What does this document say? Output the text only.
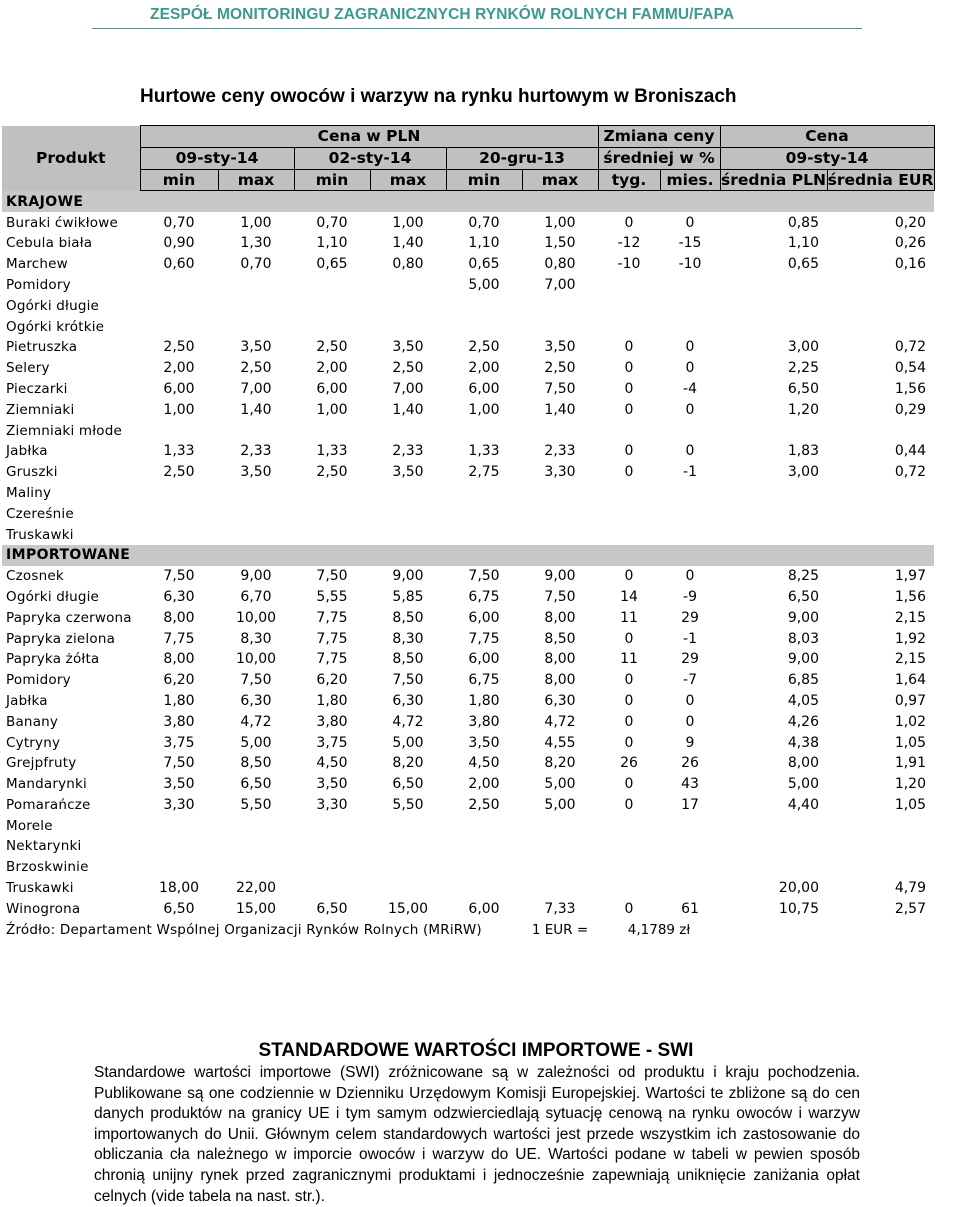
ZESPÓŁ MONITORINGU ZAGRANICZNYCH RYNKÓW ROLNYCH FAMMU/FAPA
Hurtowe ceny owoców i warzyw na rynku hurtowym w Broniszach
	Cena w PLN						Zmiana ceny		Cena	
Produkt	09-sty-14		02-sty-14		20-gru-13		średniej w %		09-sty-14	
	min	max	min	max	min	max	tyg.	mies.	średnia PLN	średnia EUR
KRAJOWE										
Buraki ćwikłowe	0,70	1,00	0,70	1,00	0,70	1,00	0	0	0,85	0,20
Cebula biała	0,90	1,30	1,10	1,40	1,10	1,50	-12	-15	1,10	0,26
Marchew	0,60	0,70	0,65	0,80	0,65	0,80	-10	-10	0,65	0,16
Pomidory					5,00	7,00				
Ogórki długie										
Ogórki krótkie										
Pietruszka	2,50	3,50	2,50	3,50	2,50	3,50	0	0	3,00	0,72
Selery	2,00	2,50	2,00	2,50	2,00	2,50	0	0	2,25	0,54
Pieczarki	6,00	7,00	6,00	7,00	6,00	7,50	0	-4	6,50	1,56
Ziemniaki	1,00	1,40	1,00	1,40	1,00	1,40	0	0	1,20	0,29
Ziemniaki młode										
Jabłka	1,33	2,33	1,33	2,33	1,33	2,33	0	0	1,83	0,44
Gruszki	2,50	3,50	2,50	3,50	2,75	3,30	0	-1	3,00	0,72
Maliny										
Czereśnie										
Truskawki										
IMPORTOWANE										
Czosnek	7,50	9,00	7,50	9,00	7,50	9,00	0	0	8,25	1,97
Ogórki długie	6,30	6,70	5,55	5,85	6,75	7,50	14	-9	6,50	1,56
Papryka czerwona	8,00	10,00	7,75	8,50	6,00	8,00	11	29	9,00	2,15
Papryka zielona	7,75	8,30	7,75	8,30	7,75	8,50	0	-1	8,03	1,92
Papryka żółta	8,00	10,00	7,75	8,50	6,00	8,00	11	29	9,00	2,15
Pomidory	6,20	7,50	6,20	7,50	6,75	8,00	0	-7	6,85	1,64
Jabłka	1,80	6,30	1,80	6,30	1,80	6,30	0	0	4,05	0,97
Banany	3,80	4,72	3,80	4,72	3,80	4,72	0	0	4,26	1,02
Cytryny	3,75	5,00	3,75	5,00	3,50	4,55	0	9	4,38	1,05
Grejpfruty	7,50	8,50	4,50	8,20	4,50	8,20	26	26	8,00	1,91
Mandarynki	3,50	6,50	3,50	6,50	2,00	5,00	0	43	5,00	1,20
Pomarańcze	3,30	5,50	3,30	5,50	2,50	5,00	0	17	4,40	1,05
Morele										
Nektarynki										
Brzoskwinie										
Truskawki	18,00	22,00							20,00	4,79
Winogrona	6,50	15,00	6,50	15,00	6,00	7,33	0	61	10,75	2,57
Źródło: Departament Wspólnej Organizacji Rynków Rolnych (MRiRW)						1 EUR =	4,1789 zł			
STANDARDOWE WARTOŚCI IMPORTOWE - SWI
Standardowe wartości importowe (SWI) zróżnicowane są w zależności od produktu i kraju pochodzenia. Publikowane są one codziennie w Dzienniku Urzędowym Komisji Europejskiej. Wartości te zbliżone są do cen danych produktów na granicy UE i tym samym odzwierciedlają sytuację cenową na rynku owoców i warzyw importowanych do Unii. Głównym celem standardowych wartości jest przede wszystkim ich zastosowanie do obliczania cła należnego w imporcie owoców i warzyw do UE. Wartości podane w tabeli w pewien sposób chronią unijny rynek przed zagranicznymi produktami i jednocześnie zapewniają uniknięcie zaniżania opłat celnych (vide tabela na nast. str.).
